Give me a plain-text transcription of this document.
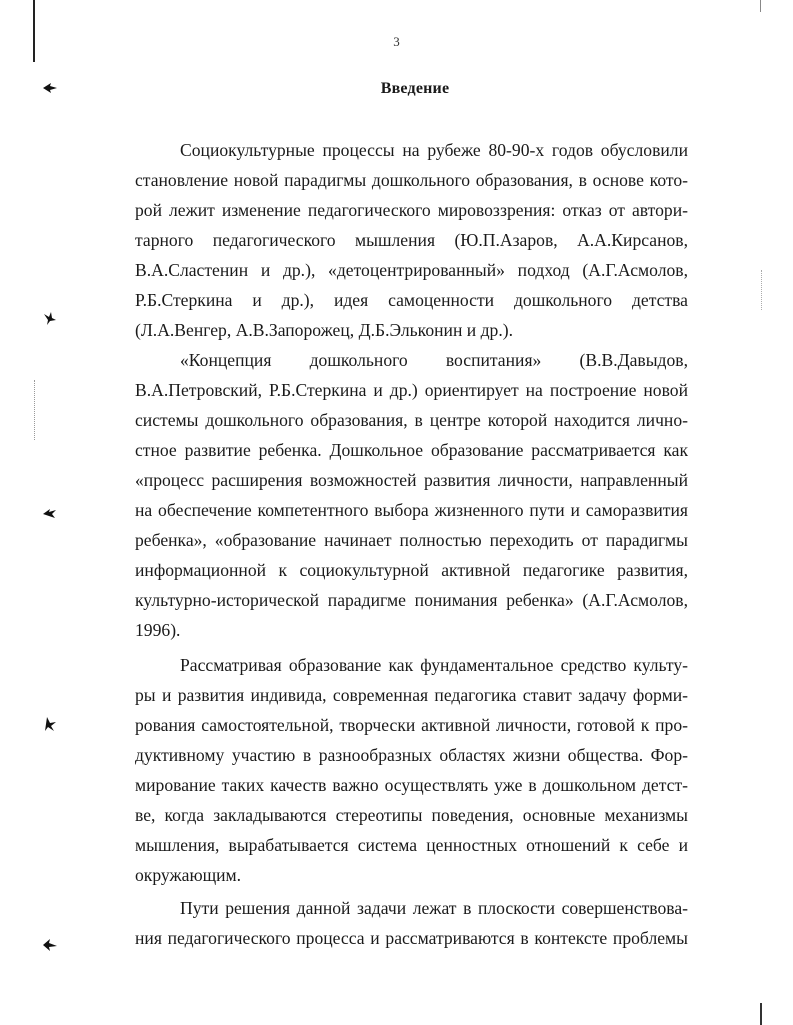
3
Введение
Социокультурные процессы на рубеже 80-90-х годов обусловили
становление новой парадигмы дошкольного образования, в основе кото-
рой лежит изменение педагогического мировоззрения: отказ от автори-
тарного педагогического мышления (Ю.П.Азаров, А.А.Кирсанов,
В.А.Сластенин и др.), «детоцентрированный» подход (А.Г.Асмолов,
Р.Б.Стеркина и др.), идея самоценности дошкольного детства
(Л.А.Венгер, А.В.Запорожец, Д.Б.Эльконин и др.).
«Концепция дошкольного воспитания» (В.В.Давыдов,
В.А.Петровский, Р.Б.Стеркина и др.) ориентирует на построение новой
системы дошкольного образования, в центре которой находится лично-
стное развитие ребенка. Дошкольное образование рассматривается как
«процесс расширения возможностей развития личности, направленный
на обеспечение компетентного выбора жизненного пути и саморазвития
ребенка», «образование начинает полностью переходить от парадигмы
информационной к социокультурной активной педагогике развития,
культурно-исторической парадигме понимания ребенка» (А.Г.Асмолов,
1996).
Рассматривая образование как фундаментальное средство культу-
ры и развития индивида, современная педагогика ставит задачу форми-
рования самостоятельной, творчески активной личности, готовой к про-
дуктивному участию в разнообразных областях жизни общества. Фор-
мирование таких качеств важно осуществлять уже в дошкольном детст-
ве, когда закладываются стереотипы поведения, основные механизмы
мышления, вырабатывается система ценностных отношений к себе и
окружающим.
Пути решения данной задачи лежат в плоскости совершенствова-
ния педагогического процесса и рассматриваются в контексте проблемы
